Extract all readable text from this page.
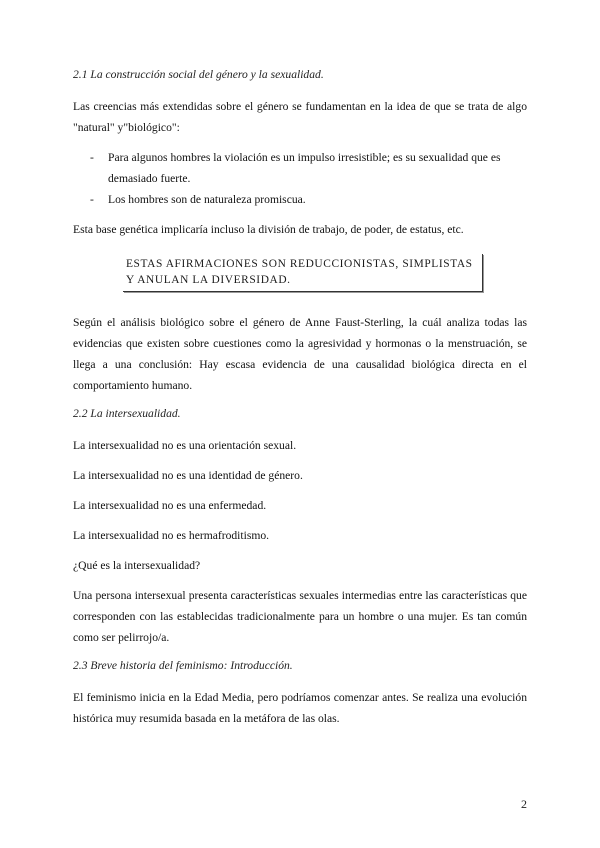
2.1 La construcción social del género y la sexualidad.

Las creencias más extendidas sobre el género se fundamentan en la idea de que se trata de algo "natural" y"biológico":

- Para algunos hombres la violación es un impulso irresistible; es su sexualidad que es demasiado fuerte.
- Los hombres son de naturaleza promiscua.

Esta base genética implicaría incluso la división de trabajo, de poder, de estatus, etc.

ESTAS AFIRMACIONES SON REDUCCIONISTAS, SIMPLISTAS Y ANULAN LA DIVERSIDAD.

Según el análisis biológico sobre el género de Anne Faust-Sterling, la cuál analiza todas las evidencias que existen sobre cuestiones como la agresividad y hormonas o la menstruación, se llega a una conclusión: Hay escasa evidencia de una causalidad biológica directa en el comportamiento humano.

2.2 La intersexualidad.

La intersexualidad no es una orientación sexual.

La intersexualidad no es una identidad de género.

La intersexualidad no es una enfermedad.

La intersexualidad no es hermafroditismo.

¿Qué es la intersexualidad?

Una persona intersexual presenta características sexuales intermedias entre las características que corresponden con las establecidas tradicionalmente para un hombre o una mujer. Es tan común como ser pelirrojo/a.

2.3 Breve historia del feminismo: Introducción.

El feminismo inicia en la Edad Media, pero podríamos comenzar antes. Se realiza una evolución histórica muy resumida basada en la metáfora de las olas.

2
